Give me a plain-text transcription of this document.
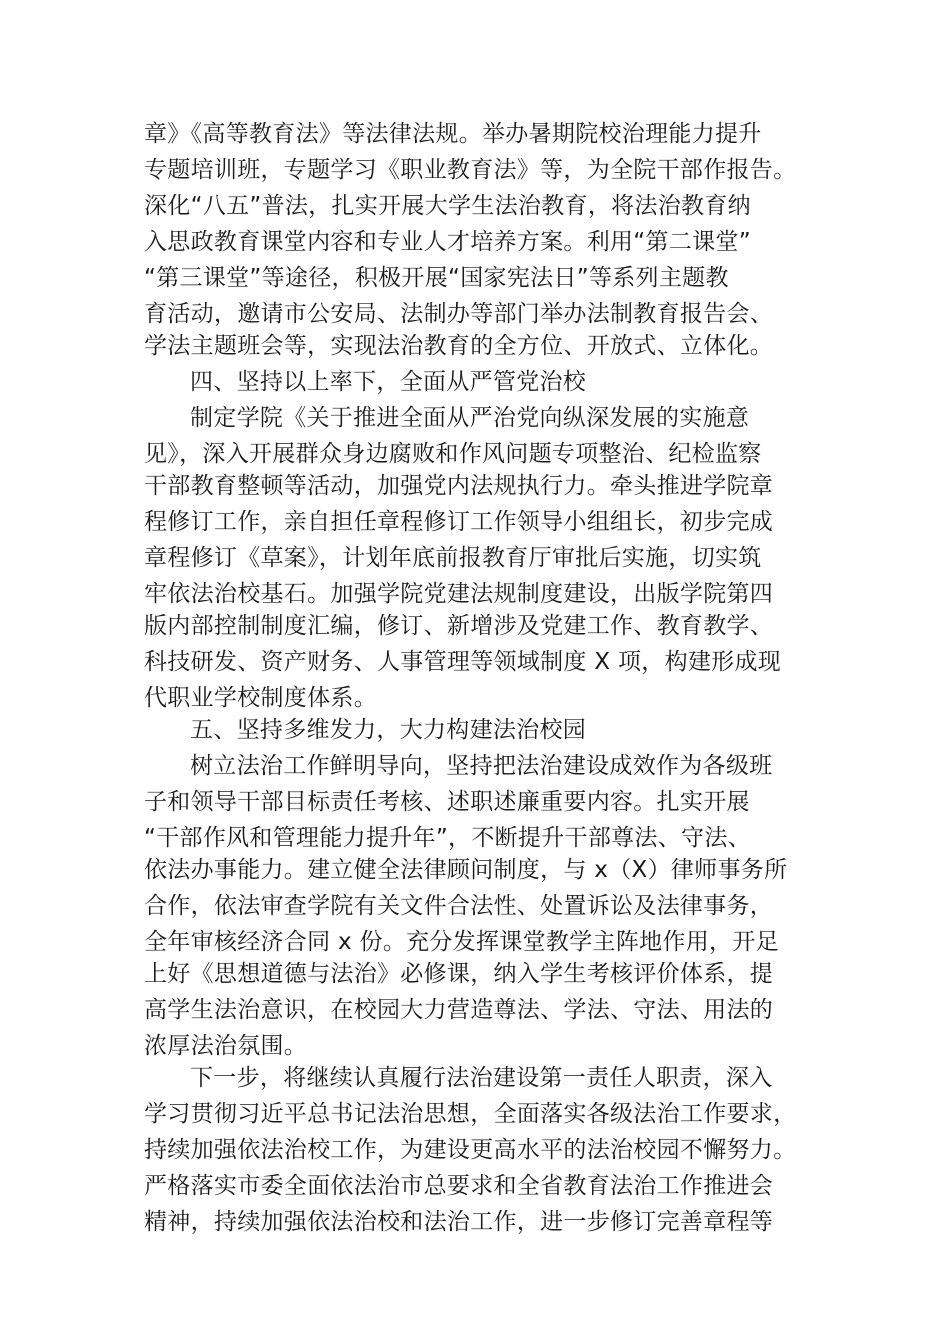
章》《高等教育法》等法律法规。举办暑期院校治理能力提升
专题培训班，专题学习《职业教育法》等，为全院干部作报告。
深化“八五”普法，扎实开展大学生法治教育，将法治教育纳
入思政教育课堂内容和专业人才培养方案。利用“第二课堂”
“第三课堂”等途径，积极开展“国家宪法日”等系列主题教
育活动，邀请市公安局、法制办等部门举办法制教育报告会、
学法主题班会等，实现法治教育的全方位、开放式、立体化。
四、坚持以上率下，全面从严管党治校
制定学院《关于推进全面从严治党向纵深发展的实施意
见》，深入开展群众身边腐败和作风问题专项整治、纪检监察
干部教育整顿等活动，加强党内法规执行力。牵头推进学院章
程修订工作，亲自担任章程修订工作领导小组组长，初步完成
章程修订《草案》，计划年底前报教育厅审批后实施，切实筑
牢依法治校基石。加强学院党建法规制度建设，出版学院第四
版内部控制制度汇编，修订、新增涉及党建工作、教育教学、
科技研发、资产财务、人事管理等领域制度 X 项，构建形成现
代职业学校制度体系。
五、坚持多维发力，大力构建法治校园
树立法治工作鲜明导向，坚持把法治建设成效作为各级班
子和领导干部目标责任考核、述职述廉重要内容。扎实开展
“干部作风和管理能力提升年”，不断提升干部尊法、守法、
依法办事能力。建立健全法律顾问制度，与 x（X）律师事务所
合作，依法审查学院有关文件合法性、处置诉讼及法律事务，
全年审核经济合同 x 份。充分发挥课堂教学主阵地作用，开足
上好《思想道德与法治》必修课，纳入学生考核评价体系，提
高学生法治意识，在校园大力营造尊法、学法、守法、用法的
浓厚法治氛围。
下一步，将继续认真履行法治建设第一责任人职责，深入
学习贯彻习近平总书记法治思想，全面落实各级法治工作要求，
持续加强依法治校工作，为建设更高水平的法治校园不懈努力。
严格落实市委全面依法治市总要求和全省教育法治工作推进会
精神，持续加强依法治校和法治工作，进一步修订完善章程等
